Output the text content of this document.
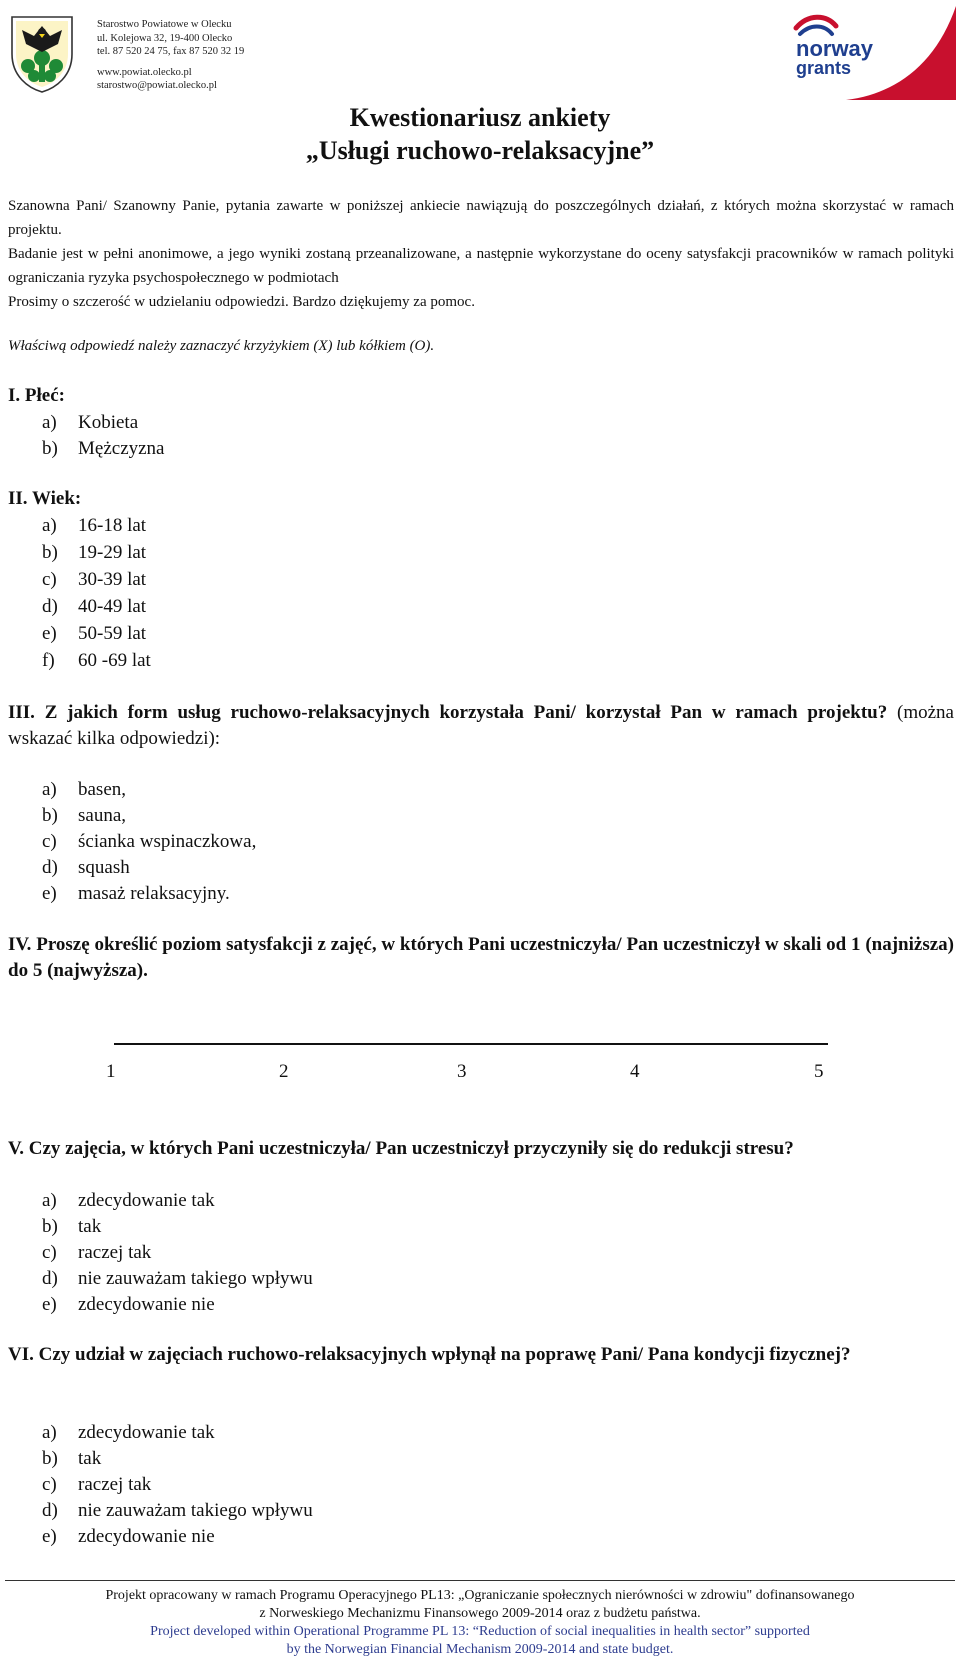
Starostwo Powiatowe w Olecku
ul. Kolejowa 32, 19-400 Olecko
tel. 87 520 24 75, fax 87 520 32 19
www.powiat.olecko.pl
starostwo@powiat.olecko.pl
norway
grants
Kwestionariusz ankiety
„Usługi ruchowo-relaksacyjne”

Szanowna Pani/ Szanowny Panie, pytania zawarte w poniższej ankiecie nawiązują do poszczególnych działań, z których można skorzystać w ramach projektu.

Badanie jest w pełni anonimowe, a jego wyniki zostaną przeanalizowane, a następnie wykorzystane do oceny satysfakcji pracowników w ramach polityki ograniczania ryzyka psychospołecznego w podmiotach

Prosimy o szczerość w udzielaniu odpowiedzi. Bardzo dziękujemy za pomoc.

Właściwą odpowiedź należy zaznaczyć krzyżykiem (X) lub kółkiem (O).
I. Płeć:
a) Kobieta
b) Mężczyzna
II. Wiek:
a) 16-18 lat
b) 19-29 lat
c) 30-39 lat
d) 40-49 lat
e) 50-59 lat
f) 60 -69 lat
III. Z jakich form usług ruchowo-relaksacyjnych korzystała Pani/ korzystał Pan w ramach projektu? (można wskazać kilka odpowiedzi):
a) basen,
b) sauna,
c) ścianka wspinaczkowa,
d) squash
e) masaż relaksacyjny.
IV. Proszę określić poziom satysfakcji z zajęć, w których Pani uczestniczyła/ Pan uczestniczył w skali od 1 (najniższa) do 5 (najwyższa).
1	2	3	4	5
V. Czy zajęcia, w których Pani uczestniczyła/ Pan uczestniczył przyczyniły się do redukcji stresu?
a) zdecydowanie tak
b) tak
c) raczej tak
d) nie zauważam takiego wpływu
e) zdecydowanie nie
VI. Czy udział w zajęciach ruchowo-relaksacyjnych wpłynął na poprawę Pani/ Pana kondycji fizycznej?
a) zdecydowanie tak
b) tak
c) raczej tak
d) nie zauważam takiego wpływu
e) zdecydowanie nie
Projekt opracowany w ramach Programu Operacyjnego PL13: „Ograniczanie społecznych nierówności w zdrowiu" dofinansowanego
z Norweskiego Mechanizmu Finansowego 2009-2014 oraz z budżetu państwa.
Project developed within Operational Programme PL 13: “Reduction of social inequalities in health sector” supported
by the Norwegian Financial Mechanism 2009-2014 and state budget.
